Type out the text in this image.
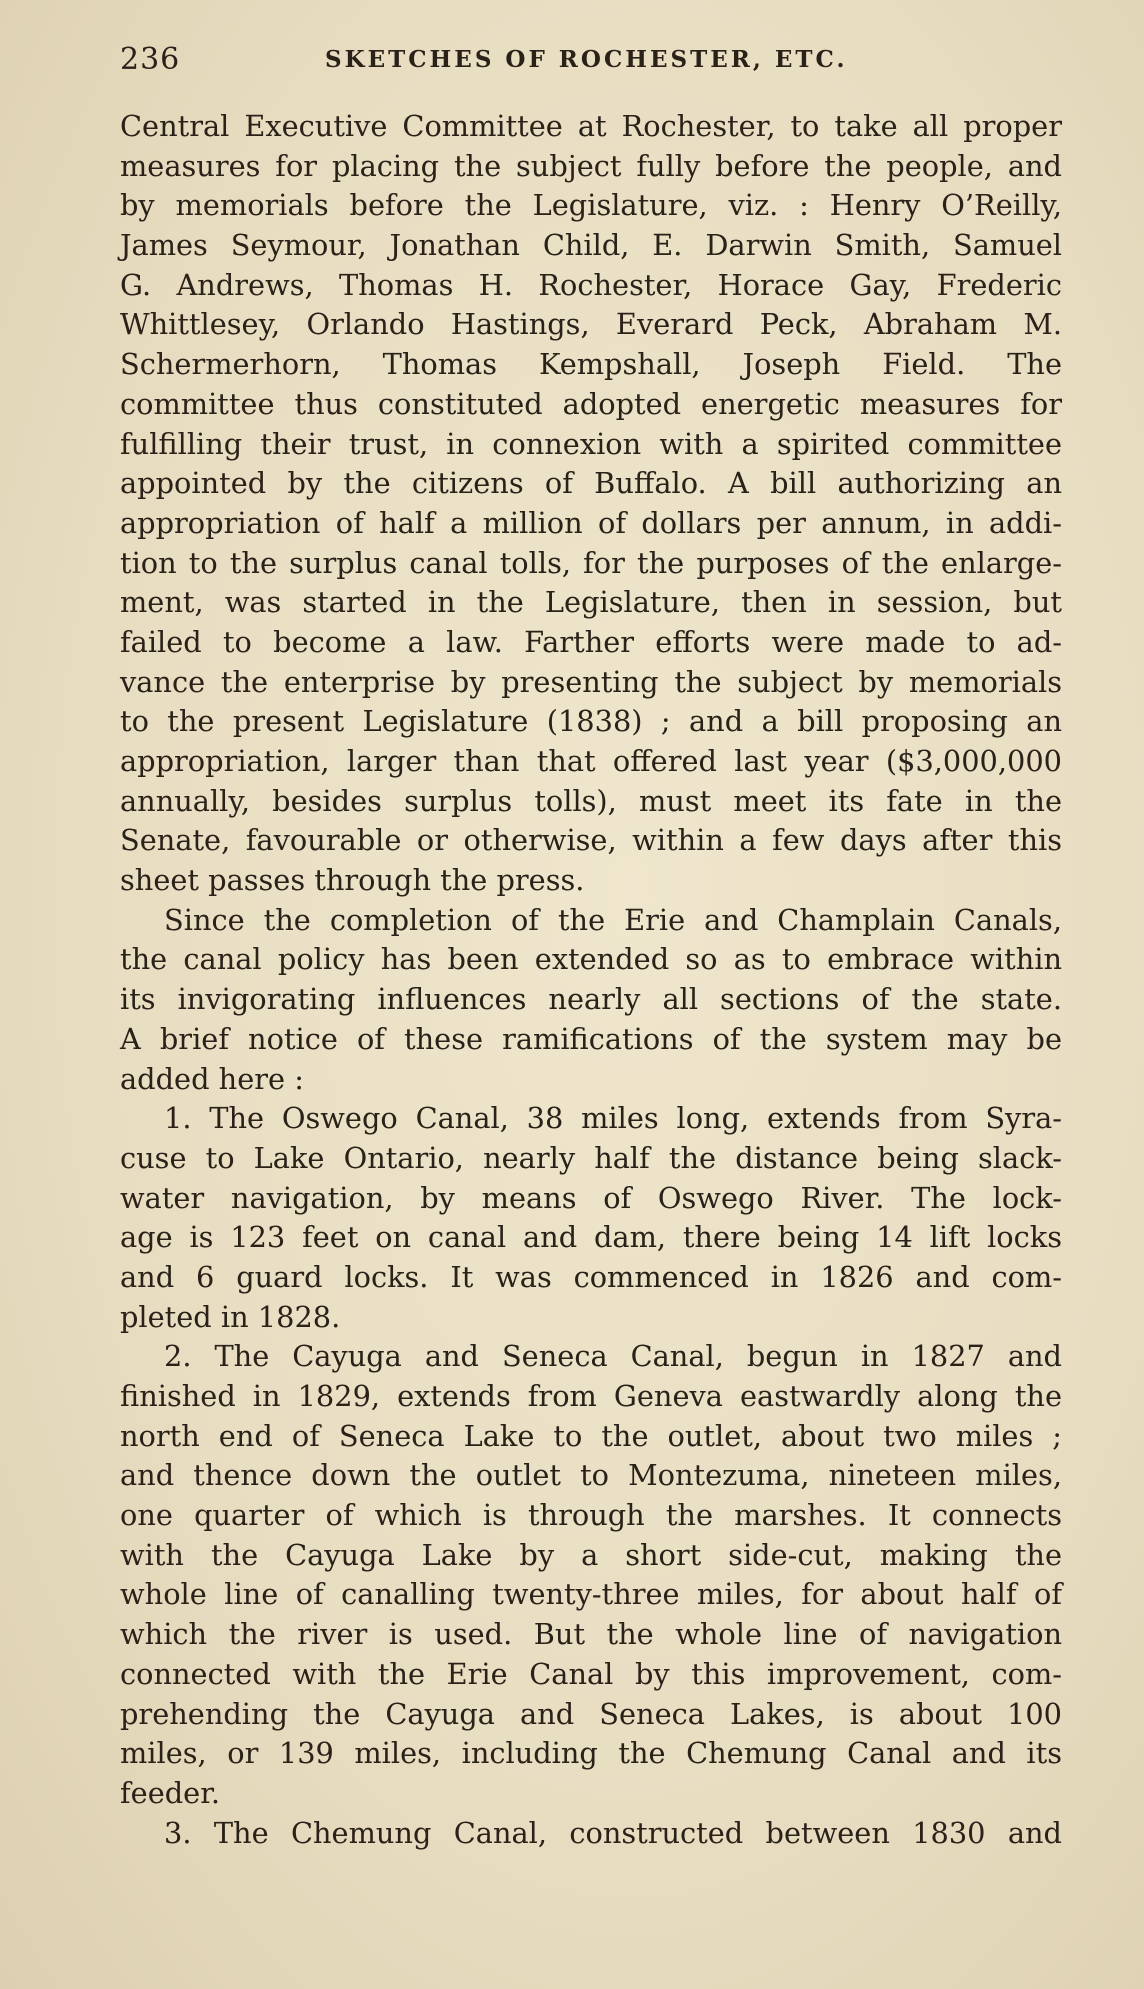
236	SKETCHES OF ROCHESTER, ETC.
Central Executive Committee at Rochester, to take all proper
measures for placing the subject fully before the people, and
by memorials before the Legislature, viz. : Henry O’Reilly,
James Seymour, Jonathan Child, E. Darwin Smith, Samuel
G. Andrews, Thomas H. Rochester, Horace Gay, Frederic
Whittlesey, Orlando Hastings, Everard Peck, Abraham M.
Schermerhorn, Thomas Kempshall, Joseph Field. The
committee thus constituted adopted energetic measures for
fulfilling their trust, in connexion with a spirited committee
appointed by the citizens of Buffalo. A bill authorizing an
appropriation of half a million of dollars per annum, in addi-
tion to the surplus canal tolls, for the purposes of the enlarge-
ment, was started in the Legislature, then in session, but
failed to become a law. Farther efforts were made to ad-
vance the enterprise by presenting the subject by memorials
to the present Legislature (1838) ; and a bill proposing an
appropriation, larger than that offered last year ($3,000,000
annually, besides surplus tolls), must meet its fate in the
Senate, favourable or otherwise, within a few days after this
sheet passes through the press.
Since the completion of the Erie and Champlain Canals,
the canal policy has been extended so as to embrace within
its invigorating influences nearly all sections of the state.
A brief notice of these ramifications of the system may be
added here :
1. The Oswego Canal, 38 miles long, extends from Syra-
cuse to Lake Ontario, nearly half the distance being slack-
water navigation, by means of Oswego River. The lock-
age is 123 feet on canal and dam, there being 14 lift locks
and 6 guard locks. It was commenced in 1826 and com-
pleted in 1828.
2. The Cayuga and Seneca Canal, begun in 1827 and
finished in 1829, extends from Geneva eastwardly along the
north end of Seneca Lake to the outlet, about two miles ;
and thence down the outlet to Montezuma, nineteen miles,
one quarter of which is through the marshes. It connects
with the Cayuga Lake by a short side-cut, making the
whole line of canalling twenty-three miles, for about half of
which the river is used. But the whole line of navigation
connected with the Erie Canal by this improvement, com-
prehending the Cayuga and Seneca Lakes, is about 100
miles, or 139 miles, including the Chemung Canal and its
feeder.
3. The Chemung Canal, constructed between 1830 and
